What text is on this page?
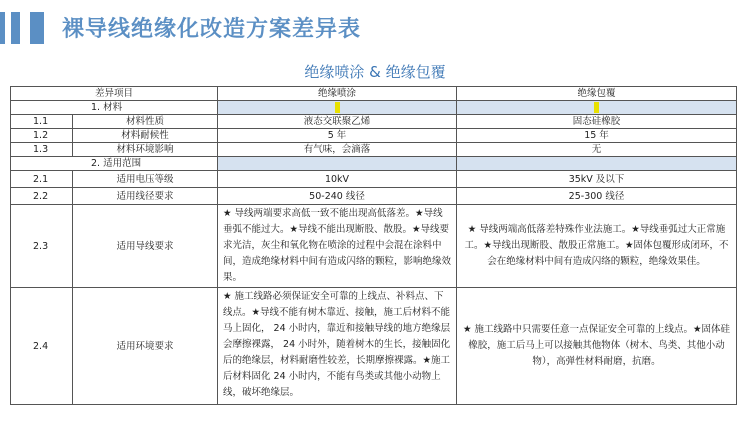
裸导线绝缘化改造方案差异表
绝缘喷涂 & 绝缘包覆
差异项目		绝缘喷涂	绝缘包覆
1. 材料			
1.1	材料性质	液态交联聚乙烯	固态硅橡胶
1.2	材料耐候性	5 年	15 年
1.3	材料环境影响	有气味，会滴落	无
2. 适用范围			
2.1	适用电压等级	10kV	35kV 及以下
2.2	适用线径要求	50-240 线径	25-300 线径
2.3	适用导线要求	★ 导线两端要求高低一致不能出现高低落差。★导线垂弧不能过大。★导线不能出现断股、散股。★导线要求光洁，灰尘和氧化物在喷涂的过程中会混在涂料中间，造成绝缘材料中间有造成闪络的颗粒，影响绝缘效果。	★ 导线两端高低落差特殊作业法施工。★导线垂弧过大正常施工。★导线出现断股、散股正常施工。★固体包覆形成闭环，不会在绝缘材料中间有造成闪络的颗粒，绝缘效果佳。
2.4	适用环境要求	★ 施工线路必须保证安全可靠的上线点、补料点、下线点。★导线不能有树木靠近、接触，施工后材料不能马上固化， 24 小时内，靠近和接触导线的地方绝缘层会摩擦裸露， 24 小时外，随着树木的生长，接触固化后的绝缘层，材料耐磨性较差，长期摩擦裸露。★施工后材料固化 24 小时内，不能有鸟类或其他小动物上线，破坏绝缘层。	★ 施工线路中只需要任意一点保证安全可靠的上线点。★固体硅橡胶，施工后马上可以接触其他物体（树木、鸟类、其他小动物），高弹性材料耐磨，抗磨。
